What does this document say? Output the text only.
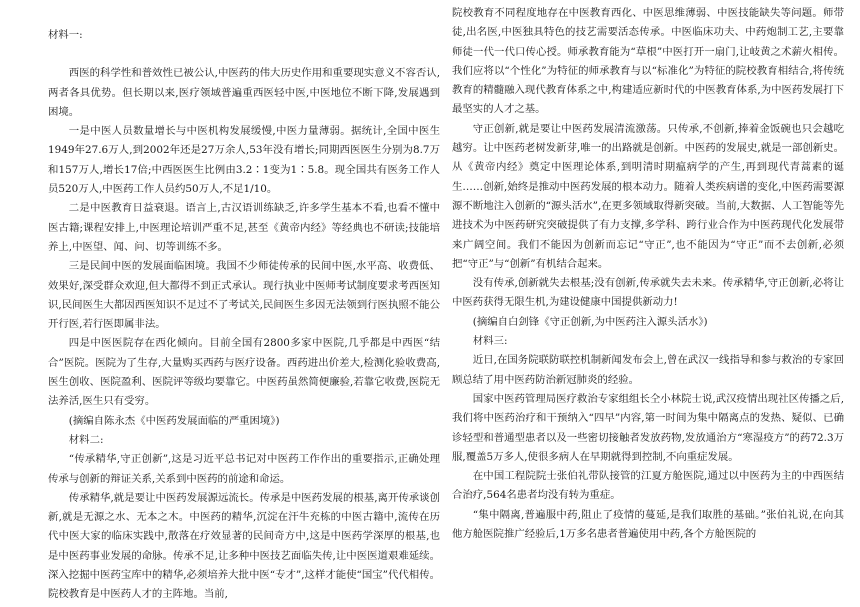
材料一:

西医的科学性和普效性已被公认,中医药的伟大历史作用和重要现实意义不容否认,两者各具优势。但长期以来,医疗领域普遍重西医轻中医,中医地位不断下降,发展遇到困境。

一是中医人员数量增长与中医机构发展缓慢,中医力量薄弱。据统计,全国中医生1949年27.6万人,到2002年还是27万余人,53年没有增长;同期西医医生分别为8.7万和157万人,增长17倍;中西医医生比例由3.2∶1变为1∶5.8。现全国共有医务工作人员520万人,中医药工作人员约50万人,不足1/10。

二是中医教育日益衰退。语言上,古汉语训练缺乏,许多学生基本不看,也看不懂中医古籍;课程安排上,中医理论培训严重不足,甚至《黄帝内经》等经典也不研读;技能培养上,中医望、闻、问、切等训练不多。

三是民间中医的发展面临困境。我国不少师徒传承的民间中医,水平高、收费低、效果好,深受群众欢迎,但大都得不到正式承认。现行执业中医师考试制度要求考西医知识,民间医生大都因西医知识不足过不了考试关,民间医生多因无法领到行医执照不能公开行医,若行医即属非法。

四是中医医院存在西化倾向。目前全国有2800多家中医院,几乎都是中西医“结合”医院。医院为了生存,大量购买西药与医疗设备。西药进出价差大,检测化验收费高,医生创收、医院盈利、医院评等级均要靠它。中医药虽然简便廉验,若靠它收费,医院无法养活,医生只有受穷。

(摘编自陈永杰《中医药发展面临的严重困境》)

材料二:

“传承精华,守正创新”,这是习近平总书记对中医药工作作出的重要指示,正确处理传承与创新的辩证关系,关系到中医药的前途和命运。

传承精华,就是要让中医药发展源远流长。传承是中医药发展的根基,离开传承谈创新,就是无源之水、无本之木。中医药的精华,沉淀在汗牛充栋的中医古籍中,流传在历代中医大家的临床实践中,散落在疗效显著的民间奇方中,这是中医药学深厚的根基,也是中医药事业发展的命脉。传承不足,让多种中医技艺面临失传,让中医医道艰难延续。深入挖掘中医药宝库中的精华,必须培养大批中医“专才”,这样才能使“国宝”代代相传。院校教育是中医药人才的主阵地。当前,

院校教育不同程度地存在中医教育西化、中医思维薄弱、中医技能缺失等问题。师带徒,出名医,中医独具特色的技艺需要活态传承。中医临床功夫、中药炮制工艺,主要靠师徒一代一代口传心授。师承教育能为“草根”中医打开一扇门,让岐黄之术薪火相传。我们应将以“个性化”为特征的师承教育与以“标准化”为特征的院校教育相结合,将传统教育的精髓融入现代教育体系之中,构建适应新时代的中医教育体系,为中医药发展打下最坚实的人才之基。

守正创新,就是要让中医药发展清流激荡。只传承,不创新,捧着金饭碗也只会越吃越穷。让中医药老树发新芽,唯一的出路就是创新。中医药的发展史,就是一部创新史。从《黄帝内经》奠定中医理论体系,到明清时期瘟病学的产生,再到现代青蒿素的诞生……创新,始终是推动中医药发展的根本动力。随着人类疾病谱的变化,中医药需要源源不断地注入创新的“源头活水”,在更多领域取得新突破。当前,大数据、人工智能等先进技术为中医药研究突破提供了有力支撑,多学科、跨行业合作为中医药现代化发展带来广阔空间。我们不能因为创新而忘记“守正”,也不能因为“守正”而不去创新,必须把“守正”与“创新”有机结合起来。

没有传承,创新就失去根基;没有创新,传承就失去未来。传承精华,守正创新,必将让中医药获得无限生机,为建设健康中国提供新动力!

(摘编自白剑锋《守正创新,为中医药注入源头活水》)

材料三:

近日,在国务院联防联控机制新闻发布会上,曾在武汉一线指导和参与救治的专家回顾总结了用中医药防治新冠肺炎的经验。

国家中医药管理局医疗救治专家组组长仝小林院士说,武汉疫情出现社区传播之后,我们将中医药治疗和干预纳入“四早”内容,第一时间为集中隔离点的发热、疑似、已确诊轻型和普通型患者以及一些密切接触者发放药物,发放通治方“寒湿疫方”的药72.3万服,覆盖5万多人,使很多病人在早期就得到控制,不向重症发展。

在中国工程院院士张伯礼带队接管的江夏方舱医院,通过以中医药为主的中西医结合治疗,564名患者均没有转为重症。

“集中隔离,普遍服中药,阻止了疫情的蔓延,是我们取胜的基础。”张伯礼说,在向其他方舱医院推广经验后,1万多名患者普遍使用中药,各个方舱医院的
